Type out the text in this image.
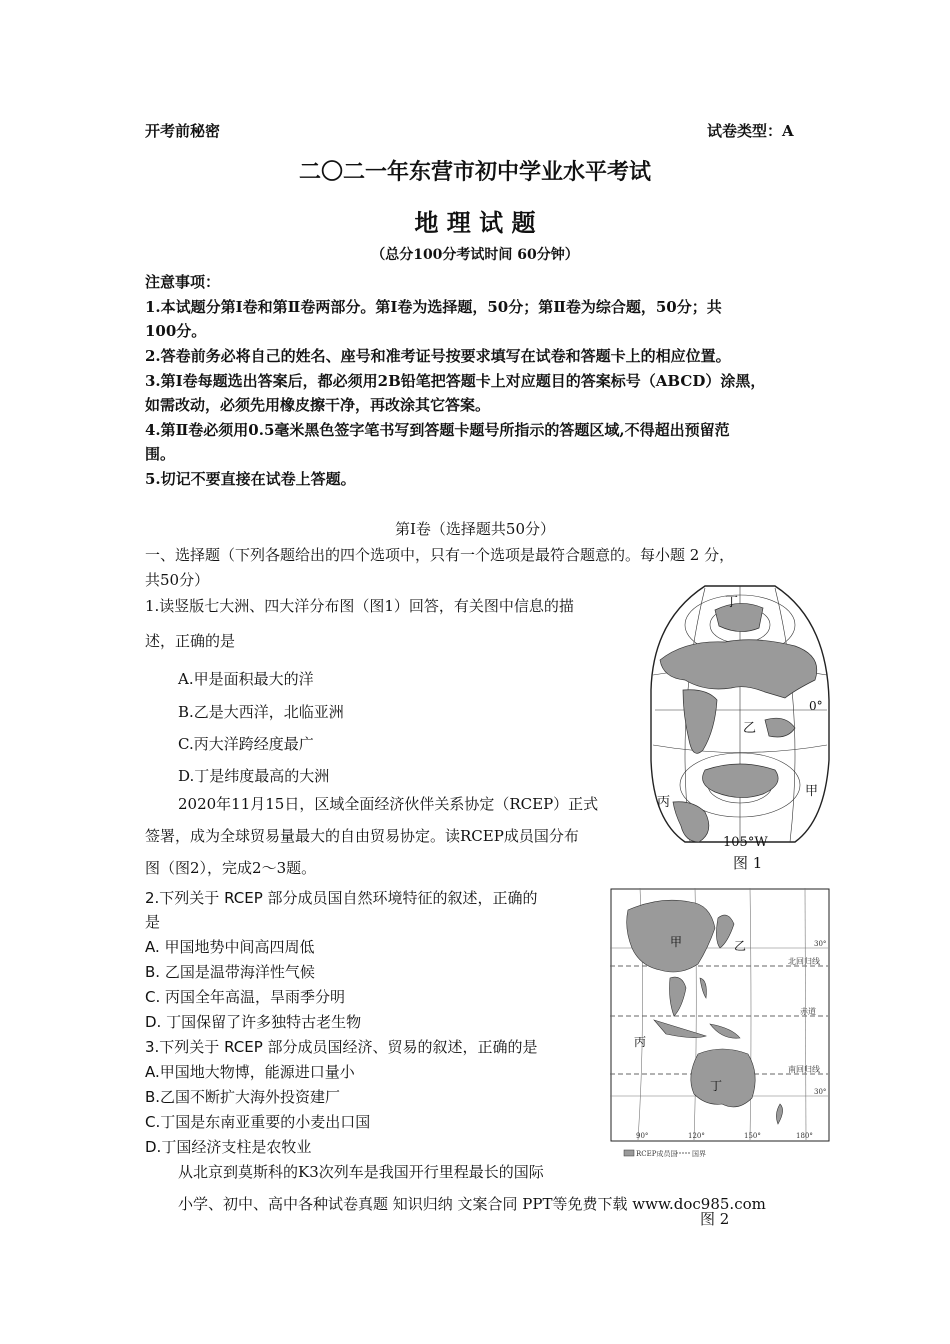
开考前秘密	试卷类型：A
二〇二一年东营市初中学业水平考试
地 理 试 题
（总分100分考试时间 60分钟）
注意事项：
1.本试题分第Ⅰ卷和第Ⅱ卷两部分。第Ⅰ卷为选择题，50分；第Ⅱ卷为综合题，50分；共
100分。
2.答卷前务必将自己的姓名、座号和准考证号按要求填写在试卷和答题卡上的相应位置。
3.第Ⅰ卷每题选出答案后，都必须用2B铅笔把答题卡上对应题目的答案标号（ABCD）涂黑，
如需改动，必须先用橡皮擦干净，再改涂其它答案。
4.第Ⅱ卷必须用0.5毫米黑色签字笔书写到答题卡题号所指示的答题区域,不得超出预留范
围。
5.切记不要直接在试卷上答题。
第Ⅰ卷（选择题共50分）
一、选择题（下列各题给出的四个选项中，只有一个选项是最符合题意的。每小题 2 分，
共50分）
1.读竖版七大洲、四大洋分布图（图1）回答，有关图中信息的描
述，正确的是
A.甲是面积最大的洋
B.乙是大西洋，北临亚洲
C.丙大洋跨经度最广
D.丁是纬度最高的大洲
2020年11月15日，区域全面经济伙伴关系协定（RCEP）正式
签署，成为全球贸易量最大的自由贸易协定。读RCEP成员国分布
图（图2），完成2～3题。
2.下列关于 RCEP 部分成员国自然环境特征的叙述，正确的
是
A. 甲国地势中间高四周低
B. 乙国是温带海洋性气候
C. 丙国全年高温，旱雨季分明
D. 丁国保留了许多独特古老生物
3.下列关于 RCEP 部分成员国经济、贸易的叙述，正确的是
A.甲国地大物博，能源进口量小
B.乙国不断扩大海外投资建厂
C.丁国是东南亚重要的小麦出口国
D.丁国经济支柱是农牧业
从北京到莫斯科的K3次列车是我国开行里程最长的国际
小学、初中、高中各种试卷真题 知识归纳 文案合同 PPT等免费下载 www.doc985.com
丁
乙
丙
甲
0°
105°W
图 1
甲	乙
丙
丁
北回归线
赤道
南回归线
30°
30°
90°	120°	150°	180°
RCEP成员国 国界
图 2
